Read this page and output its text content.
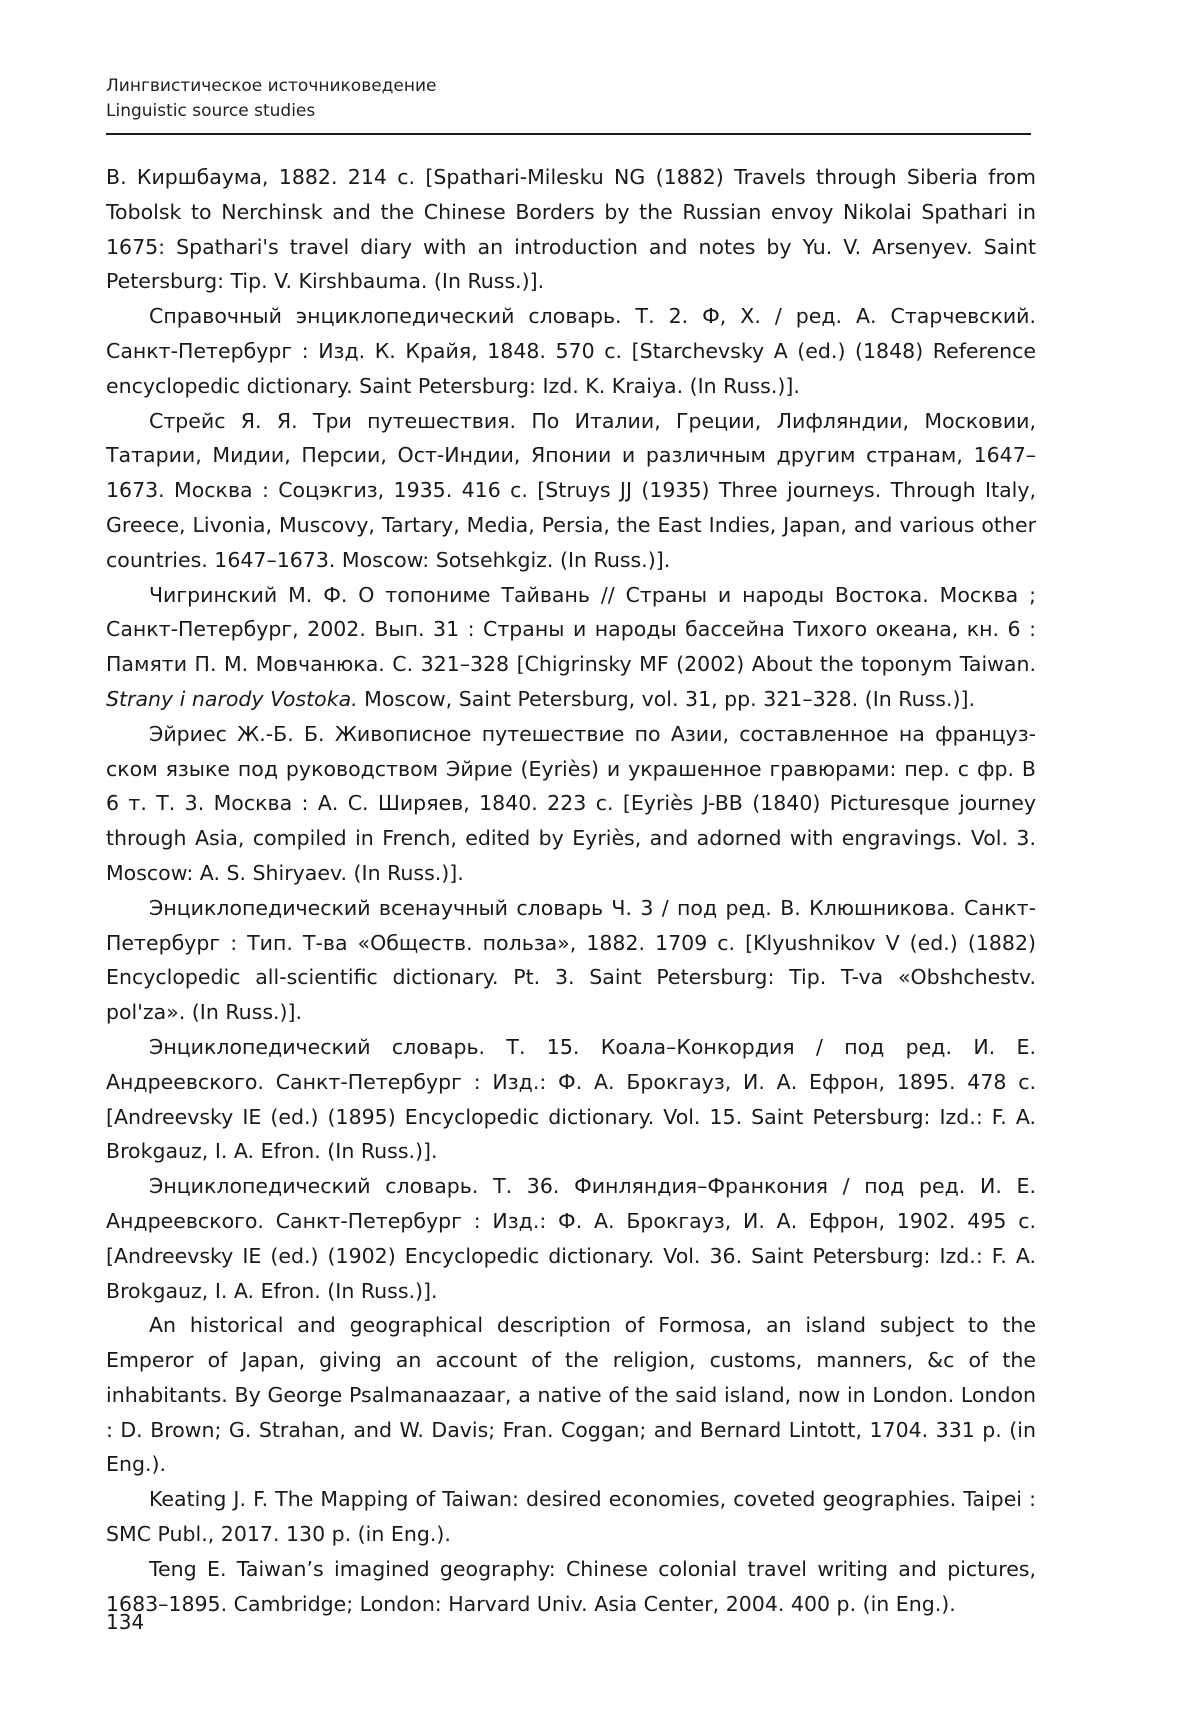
Лингвистическое источниковедение
Linguistic source studies

В. Киршбаума, 1882. 214 с. [Spathari-Milesku NG (1882) Travels through Siberia from Tobolsk to Nerchinsk and the Chinese Borders by the Russian envoy Nikolai Spathari in 1675: Spathari's travel diary with an introduction and notes by Yu. V. Arsenyev. Saint Petersburg: Tip. V. Kirshbauma. (In Russ.)].

Справочный энциклопедический словарь. Т. 2. Ф, Х. / ред. А. Старчевский. Санкт-Петербург : Изд. К. Крайя, 1848. 570 с. [Starchevsky A (ed.) (1848) Reference encyclopedic dictionary. Saint Petersburg: Izd. K. Kraiya. (In Russ.)].

Стрейс Я. Я. Три путешествия. По Италии, Греции, Лифляндии, Московии, Татарии, Мидии, Персии, Ост-Индии, Японии и различным другим странам, 1647–1673. Москва : Соцэкгиз, 1935. 416 с. [Struys JJ (1935) Three journeys. Through Italy, Greece, Livonia, Muscovy, Tartary, Media, Persia, the East Indies, Japan, and various other countries. 1647–1673. Moscow: Sotsehkgiz. (In Russ.)].

Чигринский М. Ф. О топониме Тайвань // Страны и народы Востока. Москва ; Санкт-Петербург, 2002. Вып. 31 : Страны и народы бассейна Тихого океана, кн. 6 : Памяти П. М. Мовчанюка. С. 321–328 [Chigrinsky MF (2002) About the toponym Taiwan. Strany i narody Vostoka. Moscow, Saint Petersburg, vol. 31, pp. 321–328. (In Russ.)].

Эйриес Ж.-Б. Б. Живописное путешествие по Азии, составленное на французском языке под руководством Эйрие (Eyriès) и украшенное гравюрами: пер. с фр. В 6 т. Т. 3. Москва : А. С. Ширяев, 1840. 223 с. [Eyriès J-BB (1840) Picturesque journey through Asia, compiled in French, edited by Eyriès, and adorned with engravings. Vol. 3. Moscow: A. S. Shiryaev. (In Russ.)].

Энциклопедический всенаучный словарь Ч. 3 / под ред. В. Клюшникова. Санкт-Петербург : Тип. Т-ва «Обществ. польза», 1882. 1709 с. [Klyushnikov V (ed.) (1882) Encyclopedic all-scientific dictionary. Pt. 3. Saint Petersburg: Tip. T-va «Obshchestv. pol'za». (In Russ.)].

Энциклопедический словарь. Т. 15. Коала–Конкордия / под ред. И. Е. Андреевского. Санкт-Петербург : Изд.: Ф. А. Брокгауз, И. А. Ефрон, 1895. 478 с. [Andreevsky IE (ed.) (1895) Encyclopedic dictionary. Vol. 15. Saint Petersburg: Izd.: F. A. Brokgauz, I. A. Efron. (In Russ.)].

Энциклопедический словарь. Т. 36. Финляндия–Франкония / под ред. И. Е. Андреевского. Санкт-Петербург : Изд.: Ф. А. Брокгауз, И. А. Ефрон, 1902. 495 с. [Andreevsky IE (ed.) (1902) Encyclopedic dictionary. Vol. 36. Saint Petersburg: Izd.: F. A. Brokgauz, I. A. Efron. (In Russ.)].

An historical and geographical description of Formosa, an island subject to the Emperor of Japan, giving an account of the religion, customs, manners, &c of the inhabitants. By George Psalmanaazaar, a native of the said island, now in London. London : D. Brown; G. Strahan, and W. Davis; Fran. Coggan; and Bernard Lintott, 1704. 331 p. (in Eng.).

Keating J. F. The Mapping of Taiwan: desired economies, coveted geographies. Taipei : SMC Publ., 2017. 130 p. (in Eng.).

Teng E. Taiwan’s imagined geography: Chinese colonial travel writing and pictures, 1683–1895. Cambridge; London: Harvard Univ. Asia Center, 2004. 400 p. (in Eng.).

134
